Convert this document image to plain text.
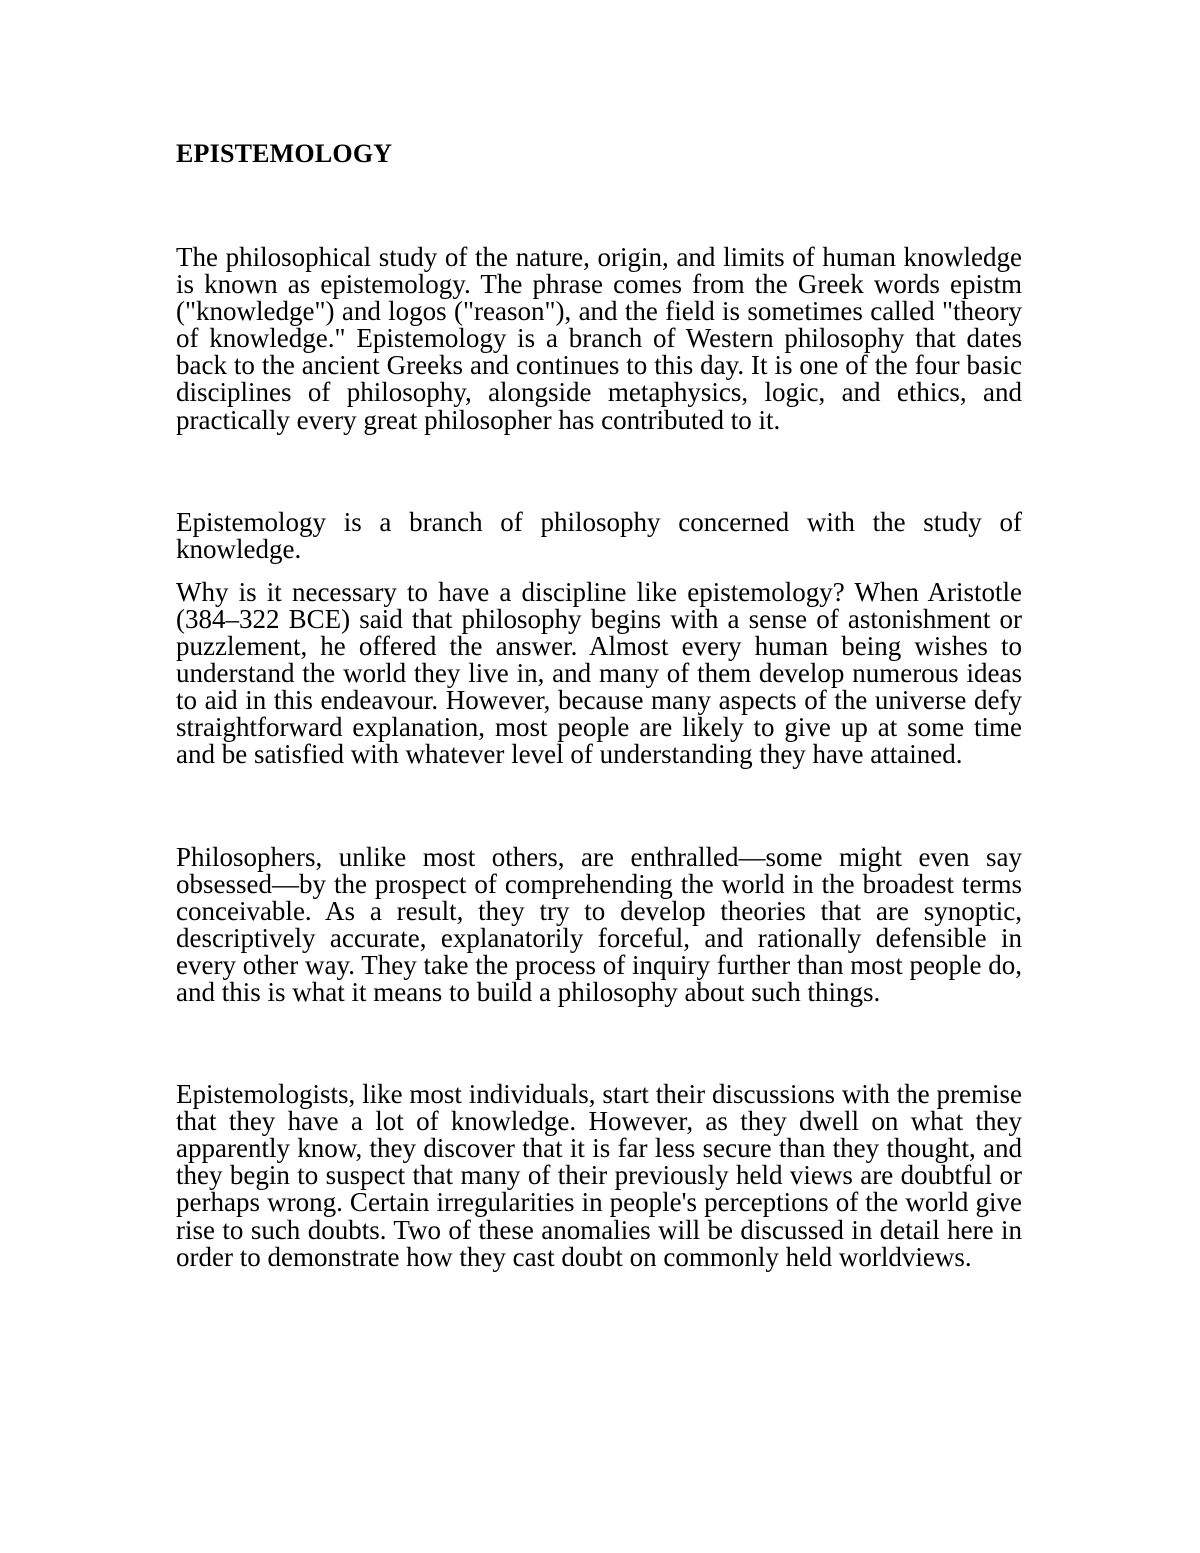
EPISTEMOLOGY

The philosophical study of the nature, origin, and limits of human knowledge is known as epistemology. The phrase comes from the Greek words epistm ("knowledge") and logos ("reason"), and the field is sometimes called "theory of knowledge." Epistemology is a branch of Western philosophy that dates back to the ancient Greeks and continues to this day. It is one of the four basic disciplines of philosophy, alongside metaphysics, logic, and ethics, and practically every great philosopher has contributed to it.

Epistemology is a branch of philosophy concerned with the study of knowledge.

Why is it necessary to have a discipline like epistemology? When Aristotle (384–322 BCE) said that philosophy begins with a sense of astonishment or puzzlement, he offered the answer. Almost every human being wishes to understand the world they live in, and many of them develop numerous ideas to aid in this endeavour. However, because many aspects of the universe defy straightforward explanation, most people are likely to give up at some time and be satisfied with whatever level of understanding they have attained.

Philosophers, unlike most others, are enthralled—some might even say obsessed—by the prospect of comprehending the world in the broadest terms conceivable. As a result, they try to develop theories that are synoptic, descriptively accurate, explanatorily forceful, and rationally defensible in every other way. They take the process of inquiry further than most people do, and this is what it means to build a philosophy about such things.

Epistemologists, like most individuals, start their discussions with the premise that they have a lot of knowledge. However, as they dwell on what they apparently know, they discover that it is far less secure than they thought, and they begin to suspect that many of their previously held views are doubtful or perhaps wrong. Certain irregularities in people's perceptions of the world give rise to such doubts. Two of these anomalies will be discussed in detail here in order to demonstrate how they cast doubt on commonly held worldviews.
